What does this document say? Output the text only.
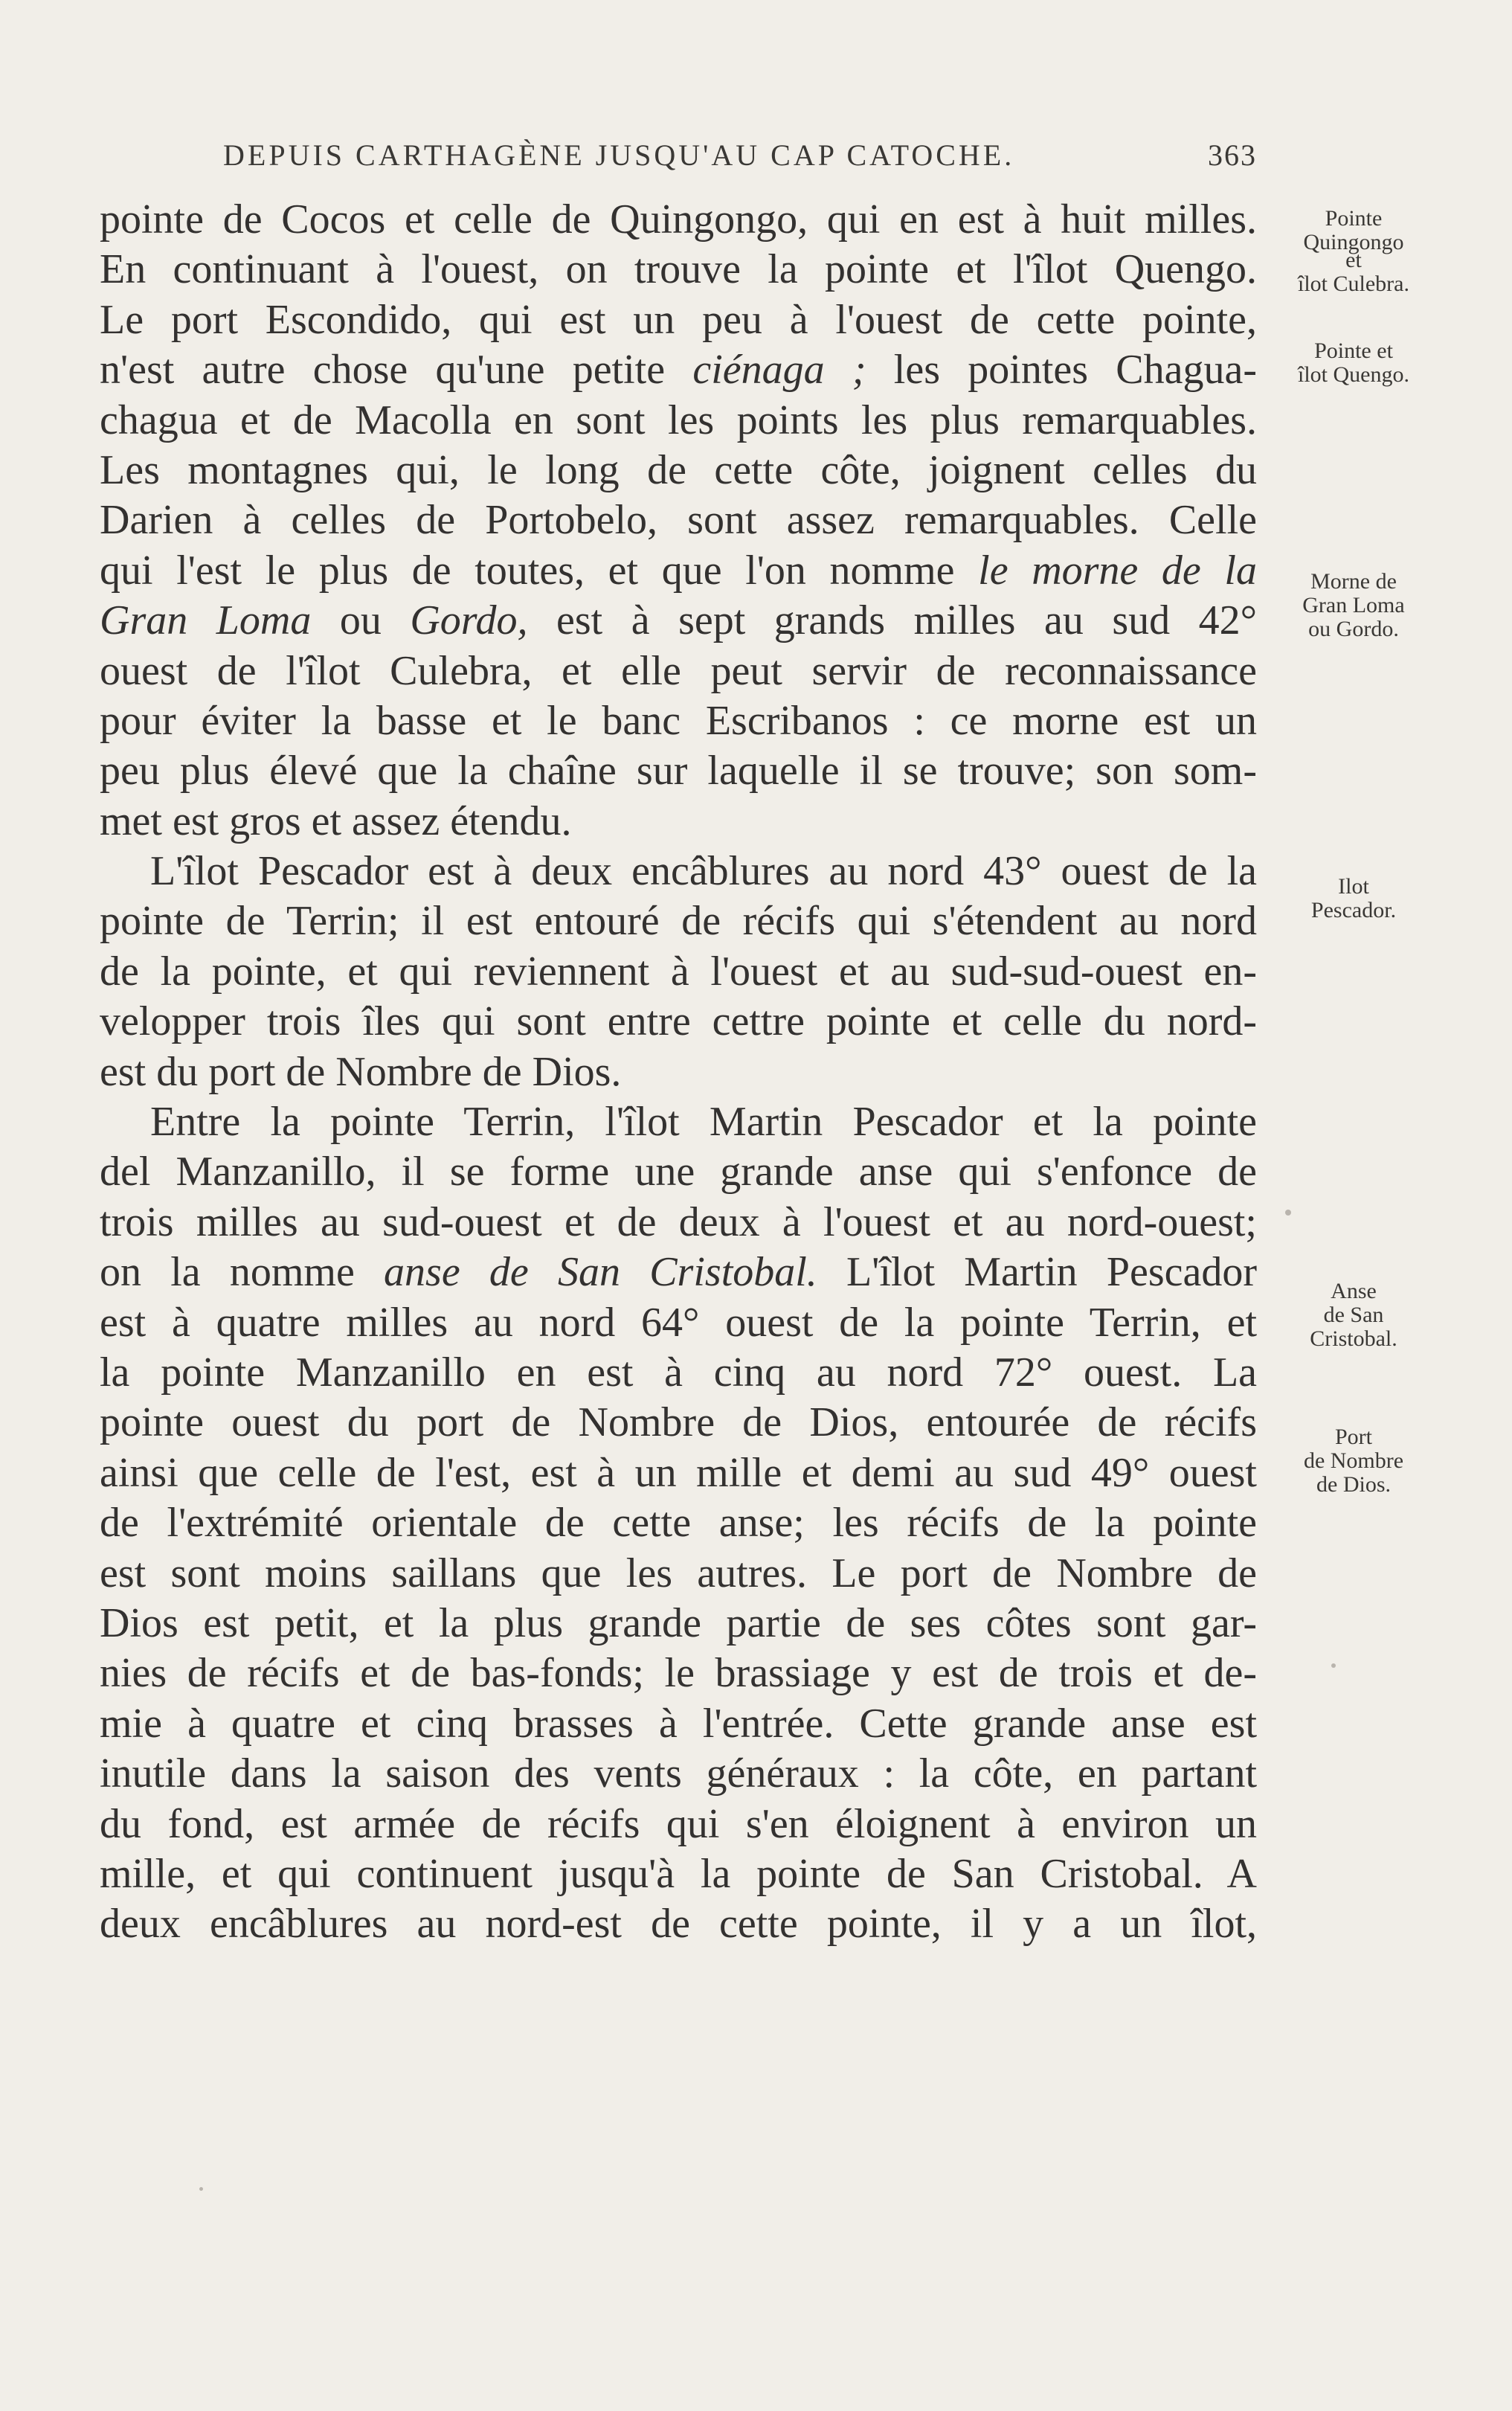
DEPUIS CARTHAGÈNE JUSQU'AU CAP CATOCHE.	363
pointe de Cocos et celle de Quingongo, qui en est à huit milles.
En continuant à l'ouest, on trouve la pointe et l'îlot Quengo.
Le port Escondido, qui est un peu à l'ouest de cette pointe,
n'est autre chose qu'une petite ciénaga ; les pointes Chagua-
chagua et de Macolla en sont les points les plus remarquables.
Les montagnes qui, le long de cette côte, joignent celles du
Darien à celles de Portobelo, sont assez remarquables. Celle
qui l'est le plus de toutes, et que l'on nomme le morne de la
Gran Loma ou Gordo, est à sept grands milles au sud 42°
ouest de l'îlot Culebra, et elle peut servir de reconnaissance
pour éviter la basse et le banc Escribanos : ce morne est un
peu plus élevé que la chaîne sur laquelle il se trouve; son som-
met est gros et assez étendu.
L'îlot Pescador est à deux encâblures au nord 43° ouest de la
pointe de Terrin; il est entouré de récifs qui s'étendent au nord
de la pointe, et qui reviennent à l'ouest et au sud-sud-ouest en-
velopper trois îles qui sont entre cettre pointe et celle du nord-
est du port de Nombre de Dios.
Entre la pointe Terrin, l'îlot Martin Pescador et la pointe
del Manzanillo, il se forme une grande anse qui s'enfonce de
trois milles au sud-ouest et de deux à l'ouest et au nord-ouest;
on la nomme anse de San Cristobal. L'îlot Martin Pescador
est à quatre milles au nord 64° ouest de la pointe Terrin, et
la pointe Manzanillo en est à cinq au nord 72° ouest. La
pointe ouest du port de Nombre de Dios, entourée de récifs
ainsi que celle de l'est, est à un mille et demi au sud 49° ouest
de l'extrémité orientale de cette anse; les récifs de la pointe
est sont moins saillans que les autres. Le port de Nombre de
Dios est petit, et la plus grande partie de ses côtes sont gar-
nies de récifs et de bas-fonds; le brassiage y est de trois et de-
mie à quatre et cinq brasses à l'entrée. Cette grande anse est
inutile dans la saison des vents généraux : la côte, en partant
du fond, est armée de récifs qui s'en éloignent à environ un
mille, et qui continuent jusqu'à la pointe de San Cristobal. A
deux encâblures au nord-est de cette pointe, il y a un îlot,
Pointe
Quingongo
et
îlot Culebra.
Pointe et
îlot Quengo.
Morne de
Gran Loma
ou Gordo.
Ilot
Pescador.
Anse
de San
Cristobal.
Port
de Nombre
de Dios.
